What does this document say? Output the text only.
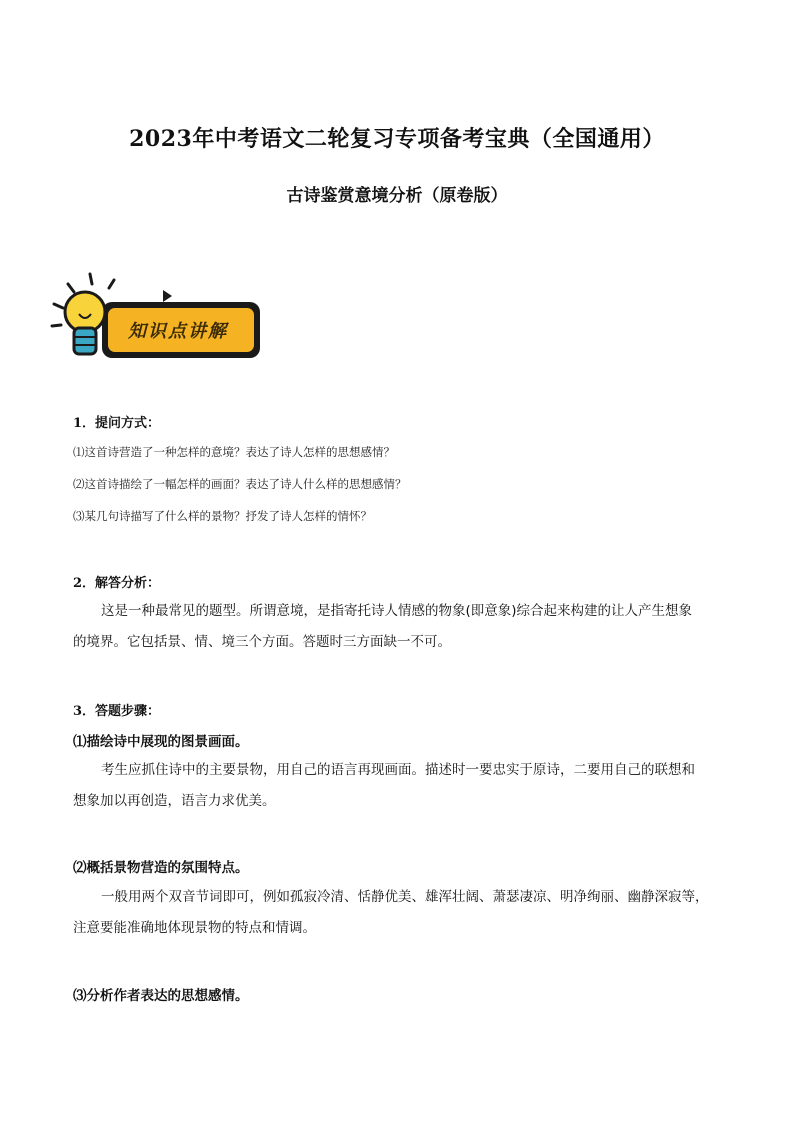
2023年中考语文二轮复习专项备考宝典（全国通用）
古诗鉴赏意境分析（原卷版）
知识点讲解
1．提问方式：
⑴这首诗营造了一种怎样的意境？表达了诗人怎样的思想感情？
⑵这首诗描绘了一幅怎样的画面？表达了诗人什么样的思想感情？
⑶某几句诗描写了什么样的景物？抒发了诗人怎样的情怀？
2．解答分析：
这是一种最常见的题型。所谓意境，是指寄托诗人情感的物象(即意象)综合起来构建的让人产生想象
的境界。它包括景、情、境三个方面。答题时三方面缺一不可。
3．答题步骤：
⑴描绘诗中展现的图景画面。
考生应抓住诗中的主要景物，用自己的语言再现画面。描述时一要忠实于原诗，二要用自己的联想和
想象加以再创造，语言力求优美。
⑵概括景物营造的氛围特点。
一般用两个双音节词即可，例如孤寂冷清、恬静优美、雄浑壮阔、萧瑟凄凉、明净绚丽、幽静深寂等，
注意要能准确地体现景物的特点和情调。
⑶分析作者表达的思想感情。
